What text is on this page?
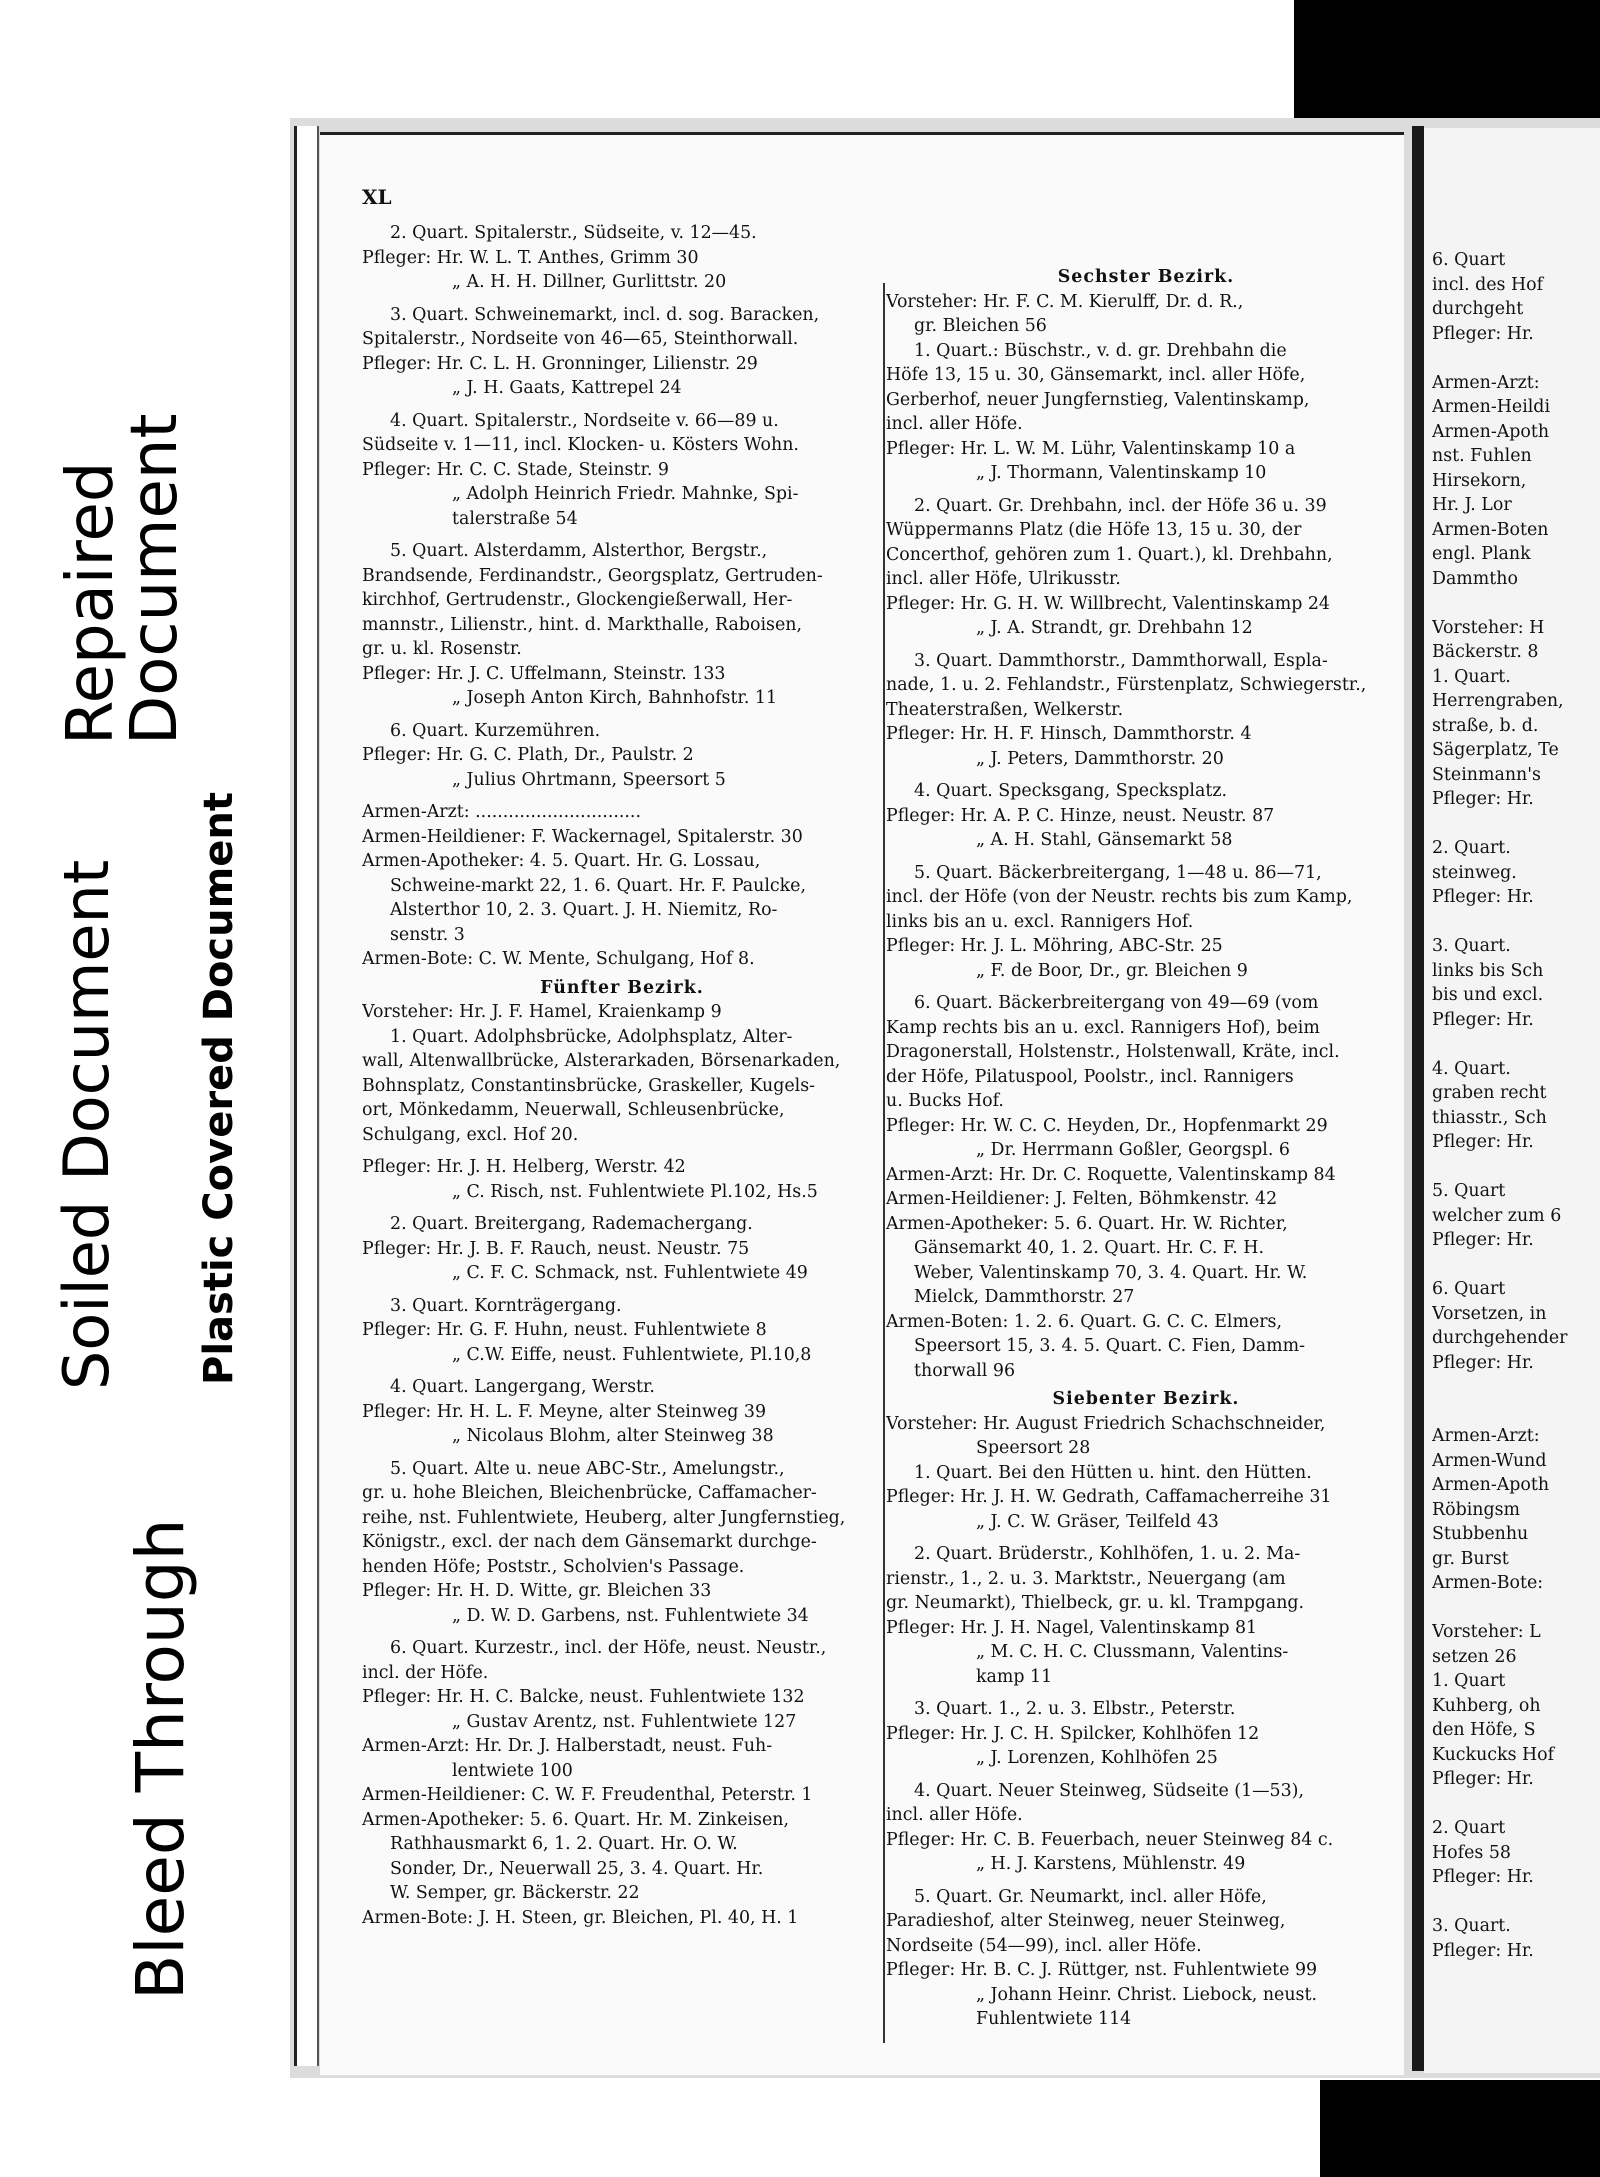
Bleed Through
Soiled Document Plastic Covered Document
Repaired
Document
XL
2. Quart. Spitalerstr., Südseite, v. 12—45.
Pfleger: Hr. W. L. T. Anthes, Grimm 30
„ A. H. H. Dillner, Gurlittstr. 20
3. Quart. Schweinemarkt, incl. d. sog. Baracken,
Spitalerstr., Nordseite von 46—65, Steinthorwall.
Pfleger: Hr. C. L. H. Gronninger, Lilienstr. 29
„ J. H. Gaats, Kattrepel 24
4. Quart. Spitalerstr., Nordseite v. 66—89 u.
Südseite v. 1—11, incl. Klocken- u. Kösters Wohn.
Pfleger: Hr. C. C. Stade, Steinstr. 9
„ Adolph Heinrich Friedr. Mahnke, Spi-
talerstraße 54
5. Quart. Alsterdamm, Alsterthor, Bergstr.,
Brandsende, Ferdinandstr., Georgsplatz, Gertruden-
kirchhof, Gertrudenstr., Glockengießerwall, Her-
mannstr., Lilienstr., hint. d. Markthalle, Raboisen,
gr. u. kl. Rosenstr.
Pfleger: Hr. J. C. Uffelmann, Steinstr. 133
„ Joseph Anton Kirch, Bahnhofstr. 11
6. Quart. Kurzemühren.
Pfleger: Hr. G. C. Plath, Dr., Paulstr. 2
„ Julius Ohrtmann, Speersort 5
Armen-Arzt: ..............................
Armen-Heildiener: F. Wackernagel, Spitalerstr. 30
Armen-Apotheker: 4. 5. Quart. Hr. G. Lossau,
Schweine-markt 22, 1. 6. Quart. Hr. F. Paulcke,
Alsterthor 10, 2. 3. Quart. J. H. Niemitz, Ro-
senstr. 3
Armen-Bote: C. W. Mente, Schulgang, Hof 8.
Fünfter Bezirk.
Vorsteher: Hr. J. F. Hamel, Kraienkamp 9
1. Quart. Adolphsbrücke, Adolphsplatz, Alter-
wall, Altenwallbrücke, Alsterarkaden, Börsenarkaden,
Bohnsplatz, Constantinsbrücke, Graskeller, Kugels-
ort, Mönkedamm, Neuerwall, Schleusenbrücke,
Schulgang, excl. Hof 20.
Pfleger: Hr. J. H. Helberg, Werstr. 42
„ C. Risch, nst. Fuhlentwiete Pl.102, Hs.5
2. Quart. Breitergang, Rademachergang.
Pfleger: Hr. J. B. F. Rauch, neust. Neustr. 75
„ C. F. C. Schmack, nst. Fuhlentwiete 49
3. Quart. Kornträgergang.
Pfleger: Hr. G. F. Huhn, neust. Fuhlentwiete 8
„ C.W. Eiffe, neust. Fuhlentwiete, Pl.10,8
4. Quart. Langergang, Werstr.
Pfleger: Hr. H. L. F. Meyne, alter Steinweg 39
„ Nicolaus Blohm, alter Steinweg 38
5. Quart. Alte u. neue ABC-Str., Amelungstr.,
gr. u. hohe Bleichen, Bleichenbrücke, Caffamacher-
reihe, nst. Fuhlentwiete, Heuberg, alter Jungfernstieg,
Königstr., excl. der nach dem Gänsemarkt durchge-
henden Höfe; Poststr., Scholvien's Passage.
Pfleger: Hr. H. D. Witte, gr. Bleichen 33
„ D. W. D. Garbens, nst. Fuhlentwiete 34
6. Quart. Kurzestr., incl. der Höfe, neust. Neustr.,
incl. der Höfe.
Pfleger: Hr. H. C. Balcke, neust. Fuhlentwiete 132
„ Gustav Arentz, nst. Fuhlentwiete 127
Armen-Arzt: Hr. Dr. J. Halberstadt, neust. Fuh-
lentwiete 100
Armen-Heildiener: C. W. F. Freudenthal, Peterstr. 1
Armen-Apotheker: 5. 6. Quart. Hr. M. Zinkeisen,
Rathhausmarkt 6, 1. 2. Quart. Hr. O. W.
Sonder, Dr., Neuerwall 25, 3. 4. Quart. Hr.
W. Semper, gr. Bäckerstr. 22
Armen-Bote: J. H. Steen, gr. Bleichen, Pl. 40, H. 1
Sechster Bezirk.
Vorsteher: Hr. F. C. M. Kierulff, Dr. d. R.,
gr. Bleichen 56
1. Quart.: Büschstr., v. d. gr. Drehbahn die
Höfe 13, 15 u. 30, Gänsemarkt, incl. aller Höfe,
Gerberhof, neuer Jungfernstieg, Valentinskamp,
incl. aller Höfe.
Pfleger: Hr. L. W. M. Lühr, Valentinskamp 10 a
„ J. Thormann, Valentinskamp 10
2. Quart. Gr. Drehbahn, incl. der Höfe 36 u. 39
Wüppermanns Platz (die Höfe 13, 15 u. 30, der
Concerthof, gehören zum 1. Quart.), kl. Drehbahn,
incl. aller Höfe, Ulrikusstr.
Pfleger: Hr. G. H. W. Willbrecht, Valentinskamp 24
„ J. A. Strandt, gr. Drehbahn 12
3. Quart. Dammthorstr., Dammthorwall, Espla-
nade, 1. u. 2. Fehlandstr., Fürstenplatz, Schwiegerstr.,
Theaterstraßen, Welkerstr.
Pfleger: Hr. H. F. Hinsch, Dammthorstr. 4
„ J. Peters, Dammthorstr. 20
4. Quart. Specksgang, Specksplatz.
Pfleger: Hr. A. P. C. Hinze, neust. Neustr. 87
„ A. H. Stahl, Gänsemarkt 58
5. Quart. Bäckerbreitergang, 1—48 u. 86—71,
incl. der Höfe (von der Neustr. rechts bis zum Kamp,
links bis an u. excl. Rannigers Hof.
Pfleger: Hr. J. L. Möhring, ABC-Str. 25
„ F. de Boor, Dr., gr. Bleichen 9
6. Quart. Bäckerbreitergang von 49—69 (vom
Kamp rechts bis an u. excl. Rannigers Hof), beim
Dragonerstall, Holstenstr., Holstenwall, Kräte, incl.
der Höfe, Pilatuspool, Poolstr., incl. Rannigers
u. Bucks Hof.
Pfleger: Hr. W. C. C. Heyden, Dr., Hopfenmarkt 29
„ Dr. Herrmann Goßler, Georgspl. 6
Armen-Arzt: Hr. Dr. C. Roquette, Valentinskamp 84
Armen-Heildiener: J. Felten, Böhmkenstr. 42
Armen-Apotheker: 5. 6. Quart. Hr. W. Richter,
Gänsemarkt 40, 1. 2. Quart. Hr. C. F. H.
Weber, Valentinskamp 70, 3. 4. Quart. Hr. W.
Mielck, Dammthorstr. 27
Armen-Boten: 1. 2. 6. Quart. G. C. C. Elmers,
Speersort 15, 3. 4. 5. Quart. C. Fien, Damm-
thorwall 96
Siebenter Bezirk.
Vorsteher: Hr. August Friedrich Schachschneider,
Speersort 28
1. Quart. Bei den Hütten u. hint. den Hütten.
Pfleger: Hr. J. H. W. Gedrath, Caffamacherreihe 31
„ J. C. W. Gräser, Teilfeld 43
2. Quart. Brüderstr., Kohlhöfen, 1. u. 2. Ma-
rienstr., 1., 2. u. 3. Marktstr., Neuergang (am
gr. Neumarkt), Thielbeck, gr. u. kl. Trampgang.
Pfleger: Hr. J. H. Nagel, Valentinskamp 81
„ M. C. H. C. Clussmann, Valentins-
kamp 11
3. Quart. 1., 2. u. 3. Elbstr., Peterstr.
Pfleger: Hr. J. C. H. Spilcker, Kohlhöfen 12
„ J. Lorenzen, Kohlhöfen 25
4. Quart. Neuer Steinweg, Südseite (1—53),
incl. aller Höfe.
Pfleger: Hr. C. B. Feuerbach, neuer Steinweg 84 c.
„ H. J. Karstens, Mühlenstr. 49
5. Quart. Gr. Neumarkt, incl. aller Höfe,
Paradieshof, alter Steinweg, neuer Steinweg,
Nordseite (54—99), incl. aller Höfe.
Pfleger: Hr. B. C. J. Rüttger, nst. Fuhlentwiete 99
„ Johann Heinr. Christ. Liebock, neust.
Fuhlentwiete 114
6. Quart
incl. des Hof
durchgeht
Pfleger: Hr.

Armen-Arzt:
Armen-Heildi
Armen-Apoth
nst. Fuhlen
Hirsekorn,
Hr. J. Lor
Armen-Boten
engl. Plank
Dammtho

Vorsteher: H
Bäckerstr. 8
1. Quart.
Herrengraben,
straße, b. d.
Sägerplatz, Te
Steinmann's
Pfleger: Hr.

2. Quart.
steinweg.
Pfleger: Hr.

3. Quart.
links bis Sch
bis und excl.
Pfleger: Hr.

4. Quart.
graben recht
thiasstr., Sch
Pfleger: Hr.

5. Quart
welcher zum 6
Pfleger: Hr.

6. Quart
Vorsetzen, in
durchgehender
Pfleger: Hr.

Armen-Arzt:
Armen-Wund
Armen-Apoth
Röbingsm
Stubbenhu
gr. Burst
Armen-Bote:

Vorsteher: L
setzen 26
1. Quart
Kuhberg, oh
den Höfe, S
Kuckucks Hof
Pfleger: Hr.

2. Quart
Hofes 58
Pfleger: Hr.

3. Quart.
Pfleger: Hr.
